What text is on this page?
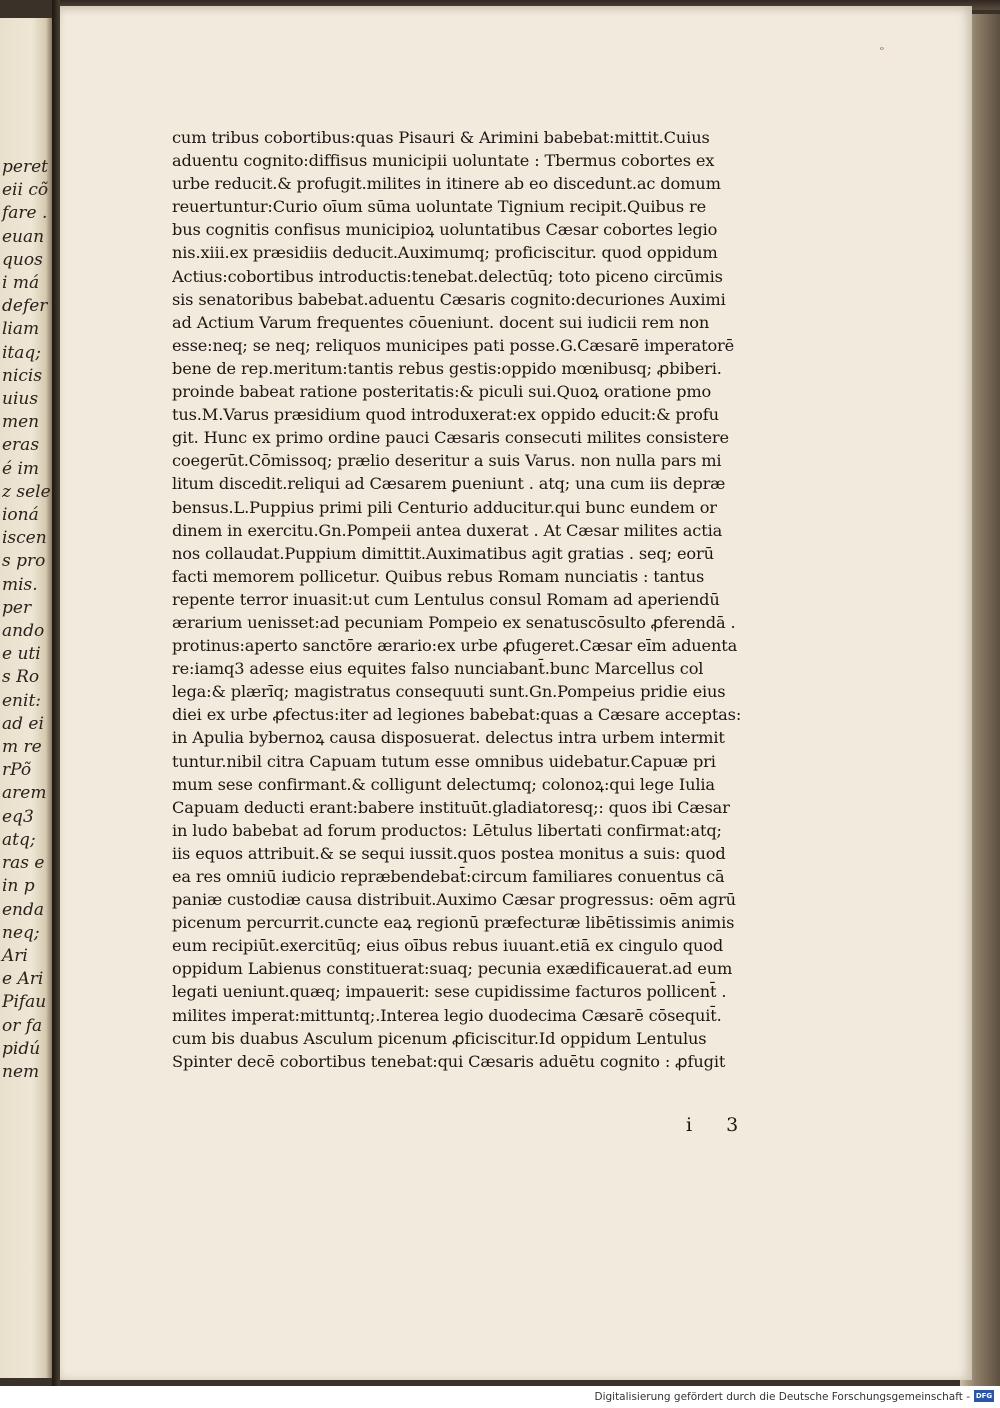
peret
eii cõ
fare .
euan
quos
i má
defer
liam
itaq;
nicis
uius
men
eras
é im
z sele
ioná
iscen
s pro
mis.
per
ando
e uti
s Ro
enit:
ad ei
m re
rPõ
arem
eq3
atq;
ras e
in p
enda
neq;
Ari
e Ari
Pifau
or fa
pidú
nem
ₒ
cum tribus cobortibus:quas Pisauri & Arimini babebat:mittit.Cuius
aduentu cognito:diffisus municipii uoluntate : Tbermus cobortes ex
urbe reducit.& profugit.milites in itinere ab eo discedunt.ac domum
reuertuntur:Curio oīum sūma uoluntate Tignium recipit.Quibus re
bus cognitis confisus municipioꝝ uoluntatibus Cæsar cobortes legio
nis.xiii.ex præsidiis deducit.Auximumq; proficiscitur. quod oppidum
Actius:cobortibus introductis:tenebat.delectūq; toto piceno circūmis
sis senatoribus babebat.aduentu Cæsaris cognito:decuriones Auximi
ad Actium Varum frequentes cōueniunt. docent sui iudicii rem non
esse:neq; se neq; reliquos municipes pati posse.G.Cæsarē imperatorē
bene de rep.meritum:tantis rebus gestis:oppido mœnibusq; ꝓbiberi.
proinde babeat ratione posteritatis:& piculi sui.Quoꝝ oratione pmo
tus.M.Varus præsidium quod introduxerat:ex oppido educit:& profu
git. Hunc ex primo ordine pauci Cæsaris consecuti milites consistere
coegerūt.Cōmissoq; prælio deseritur a suis Varus. non nulla pars mi
litum discedit.reliqui ad Cæsarem ꝑueniunt . atq; una cum iis depræ
bensus.L.Puppius primi pili Centurio adducitur.qui bunc eundem or
dinem in exercitu.Gn.Pompeii antea duxerat . At Cæsar milites actia
nos collaudat.Puppium dimittit.Auximatibus agit gratias . seq; eorū
facti memorem pollicetur. Quibus rebus Romam nunciatis : tantus
repente terror inuasit:ut cum Lentulus consul Romam ad aperiendū
ærarium uenisset:ad pecuniam Pompeio ex senatuscōsulto ꝓferendā .
protinus:aperto sanctōre ærario:ex urbe ꝓfugeret.Cæsar eīm aduenta
re:iamq3 adesse eius equites falso nunciabant̄.bunc Marcellus col
lega:& plærīq; magistratus consequuti sunt.Gn.Pompeius pridie eius
diei ex urbe ꝓfectus:iter ad legiones babebat:quas a Cæsare acceptas:
in Apulia bybernoꝝ causa disposuerat. delectus intra urbem intermit
tuntur.nibil citra Capuam tutum esse omnibus uidebatur.Capuæ pri
mum sese confirmant.& colligunt delectumq; colonoꝝ:qui lege Iulia
Capuam deducti erant:babere instituūt.gladiatoresq;: quos ibi Cæsar
in ludo babebat ad forum productos: Lētulus libertati confirmat:atq;
iis equos attribuit.& se sequi iussit.quos postea monitus a suis: quod
ea res omniū iudicio repræbendebat̄:circum familiares conuentus cā
paniæ custodiæ causa distribuit.Auximo Cæsar progressus: oēm agrū
picenum percurrit.cuncte eaꝝ regionū præfecturæ libētissimis animis
eum recipiūt.exercitūq; eius oībus rebus iuuant.etiā ex cingulo quod
oppidum Labienus constituerat:suaq; pecunia exædificauerat.ad eum
legati ueniunt.quæq; impauerit: sese cupidissime facturos pollicent̄ .
milites imperat:mittuntq;.Interea legio duodecima Cæsarē cōsequit̄.
cum bis duabus Asculum picenum ꝓficiscitur.Id oppidum Lentulus
Spinter decē cobortibus tenebat:qui Cæsaris aduētu cognito : ꝓfugit
i 3
Digitalisierung gefördert durch die Deutsche Forschungsgemeinschaft - DFG
